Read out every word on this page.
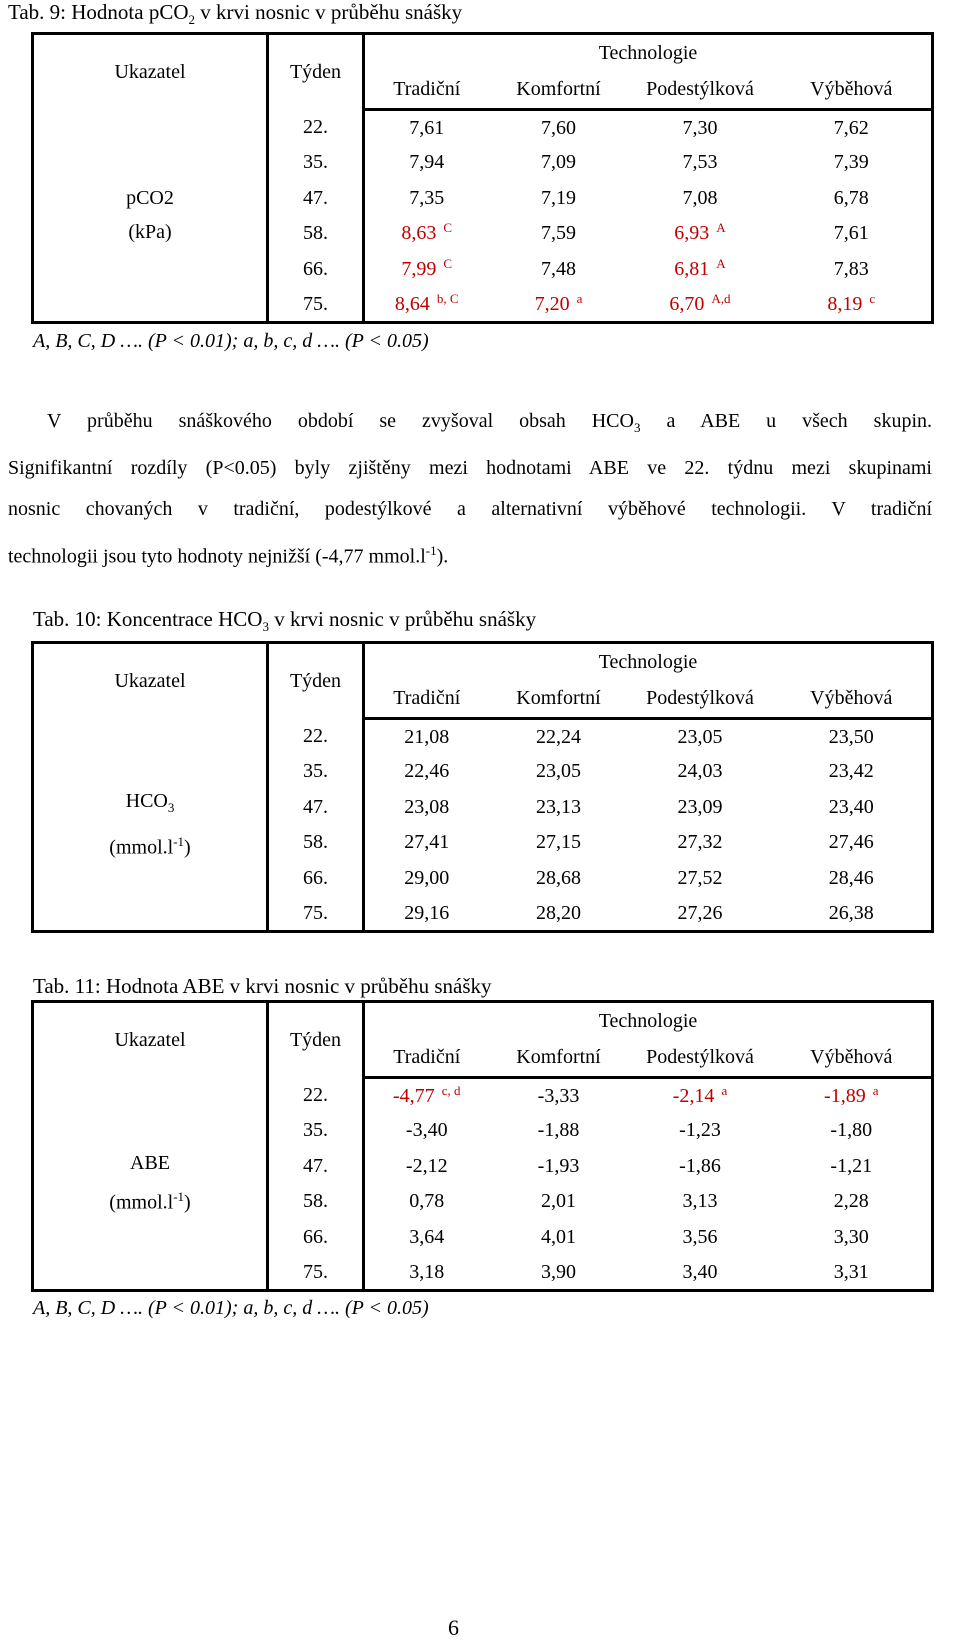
Tab. 9: Hodnota pCO$_2$ v krvi nosnic v průběhu snášky
Ukazatel	Týden	Technologie			
		Tradiční	Komfortní	Podestýlková	Výběhová

pCO2
(kPa)	22.	7,61	7,60	7,30	7,62
	35.	7,94	7,09	7,53	7,39
	47.	7,35	7,19	7,08	6,78
	58.	8,63 $^C$	7,59	6,93 $^A$	7,61
	66.	7,99 $^C$	7,48	6,81 $^A$	7,83
	75.	8,64 $^{b, C}$	7,20 $^a$	6,70 $^{A,d}$	8,19 $^c$
A, B, C, D …. (P < 0.01); a, b, c, d …. (P < 0.05)
V průběhu snáškového období se zvyšoval obsah $HCO_3$ a ABE u všech skupin.
Signifikantní rozdíly (P<0.05) byly zjištěny mezi hodnotami ABE ve 22. týdnu mezi skupinami
nosnic chovaných v tradiční, podestýlkové a alternativní výběhové technologii. V tradiční
technologii jsou tyto hodnoty nejnižší (-4,77 $mmol.l^{-1}$).
Tab. 10: Koncentrace $HCO_3$ v krvi nosnic v průběhu snášky
Ukazatel	Týden	Technologie			
		Tradiční	Komfortní	Podestýlková	Výběhová

$HCO_3$
$(mmol.l^{-1})$	22.	21,08	22,24	23,05	23,50
	35.	22,46	23,05	24,03	23,42
	47.	23,08	23,13	23,09	23,40
	58.	27,41	27,15	27,32	27,46
	66.	29,00	28,68	27,52	28,46
	75.	29,16	28,20	27,26	26,38
Tab. 11: Hodnota ABE v krvi nosnic v průběhu snášky
Ukazatel	Týden	Technologie			
		Tradiční	Komfortní	Podestýlková	Výběhová

ABE
$(mmol.l^{-1})$	22.	-4,77 $^{c, d}$	-3,33	-2,14 $^a$	-1,89 $^a$
	35.	-3,40	-1,88	-1,23	-1,80
	47.	-2,12	-1,93	-1,86	-1,21
	58.	0,78	2,01	3,13	2,28
	66.	3,64	4,01	3,56	3,30
	75.	3,18	3,90	3,40	3,31
A, B, C, D …. (P < 0.01); a, b, c, d …. (P < 0.05)
6
